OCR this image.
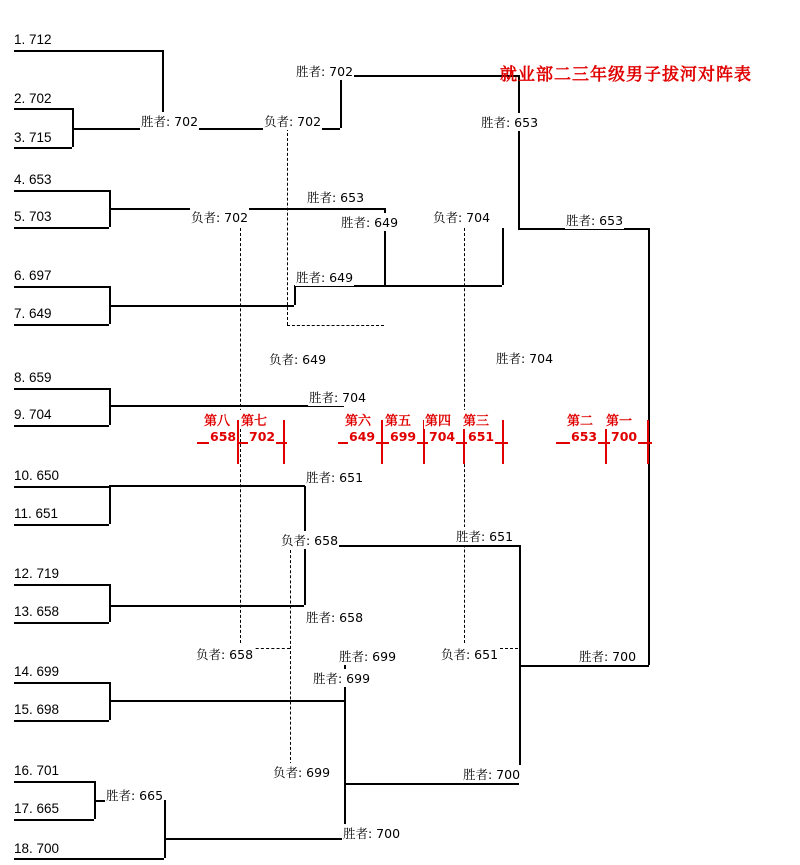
就业部二三年级男子拔河对阵表
1. 712
2. 702
3. 715
4. 653
5. 703
6. 697
7. 649
8. 659
9. 704
10. 650
11. 651
12. 719
13. 658
14. 699
15. 698
16. 701
17. 665
18. 700
胜者: 702
胜者: 702
负者: 702	胜者: 653
负者: 702
胜者: 653
胜者: 649	负者: 704	胜者: 653
胜者: 649
负者: 649	胜者: 704
胜者: 704
胜者: 651
负者: 658	胜者: 651
胜者: 658
负者: 658	胜者: 699	负者: 651	胜者: 700
胜者: 699
负者: 699	胜者: 700
胜者: 665
胜者: 700
第八
658
第七
702
第六
649
第五
699
第四
704
第三
651
第二
653
第一
700
